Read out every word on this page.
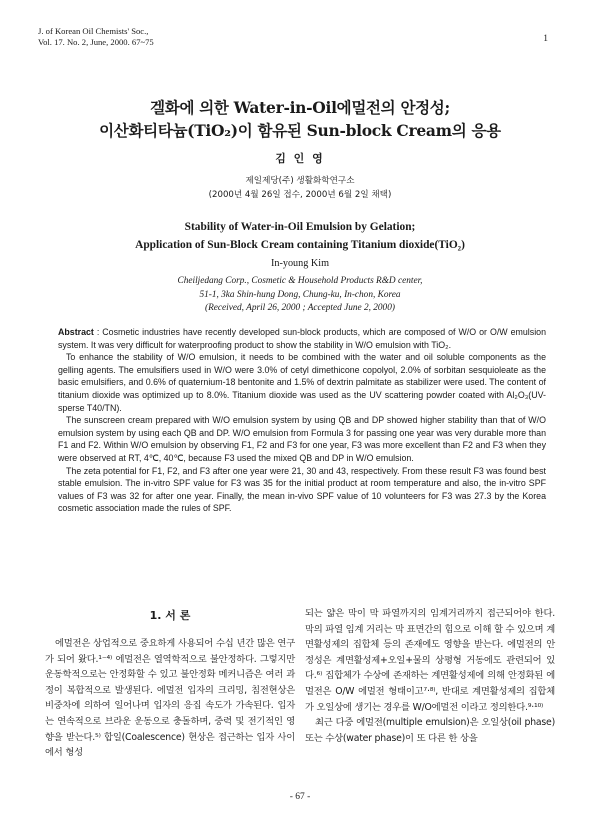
J. of Korean Oil Chemists' Soc.,
Vol. 17. No. 2, June, 2000. 67~75	1
겔화에 의한 Water-in-Oil에멀전의 안정성;
이산화티타늄(TiO₂)이 함유된 Sun-block Cream의 응용
김 인 영
제일제당(주) 생활화학연구소
(2000년 4월 26일 접수, 2000년 6월 2일 채택)
Stability of Water-in-Oil Emulsion by Gelation;
Application of Sun-Block Cream containing Titanium dioxide(TiO₂)
In-young Kim
Cheiljedang Corp., Cosmetic & Household Products R&D center,
51-1, 3ka Shin-hung Dong, Chung-ku, In-chon, Korea
(Received, April 26, 2000 ; Accepted June 2, 2000)

Abstract : Cosmetic industries have recently developed sun-block products, which are composed of W/O or O/W emulsion system. It was very difficult for waterproofing product to show the stability in W/O emulsion with TiO₂.

To enhance the stability of W/O emulsion, it needs to be combined with the water and oil soluble components as the gelling agents. The emulsifiers used in W/O were 3.0% of cetyl dimethicone copolyol, 2.0% of sorbitan sesquioleate as the basic emulsifiers, and 0.6% of quaternium-18 bentonite and 1.5% of dextrin palmitate as stabilizer were used. The content of titanium dioxide was optimized up to 8.0%. Titanium dioxide was used as the UV scattering powder coated with Al₂O₃(UV-sperse T40/TN).

The sunscreen cream prepared with W/O emulsion system by using QB and DP showed higher stability than that of W/O emulsion system by using each QB and DP. W/O emulsion from Formula 3 for passing one year was very durable more than F1 and F2. Within W/O emulsion by observing F1, F2 and F3 for one year, F3 was more excellent than F2 and F3 when they were observed at RT, 4℃, 40℃, because F3 used the mixed QB and DP in W/O emulsion.

The zeta potential for F1, F2, and F3 after one year were 21, 30 and 43, respectively. From these result F3 was found best stable emulsion. The in-vitro SPF value for F3 was 35 for the initial product at room temperature and also, the in-vitro SPF values of F3 was 32 for after one year. Finally, the mean in-vivo SPF value of 10 volunteers for F3 was 27.3 by the Korea cosmetic association made the rules of SPF.

1. 서 론

에멀전은 상업적으로 중요하게 사용되어 수십 년간 많은 연구가 되어 왔다.¹⁻⁴⁾ 에멀전은 열역학적으로 불안정하다. 그렇지만 운동학적으로는 안정화할 수 있고 불안정화 메커니즘은 여러 과정이 복합적으로 발생된다. 에멀전 입자의 크리밍, 침전현상은 비중차에 의하여 일어나며 입자의 응집 속도가 가속된다. 입자는 연속적으로 브라운 운동으로 충돌하며, 중력 및 전기적인 영향을 받는다.⁵⁾ 합일(Coalescence) 현상은 접근하는 입자 사이에서 형성

되는 얇은 막이 막 파열까지의 임계거리까지 접근되어야 한다. 막의 파열 임계 거리는 막 표면간의 힘으로 이해 할 수 있으며 계면활성제의 집합체 등의 존재에도 영향을 받는다. 에멀전의 안정성은 계면활성제+오일+물의 상평형 거동에도 관련되어 있다.⁶⁾ 집합체가 수상에 존재하는 계면활성제에 의해 안정화된 에멀전은 O/W 에멀전 형태이고⁷·⁸⁾, 반대로 계면활성제의 집합체가 오일상에 생기는 경우를 W/O에멀전 이라고 정의한다.⁹·¹⁰⁾

최근 다중 에멀전(multiple emulsion)은 오일상(oil phase) 또는 수상(water phase)이 또 다른 한 상을

- 67 -
